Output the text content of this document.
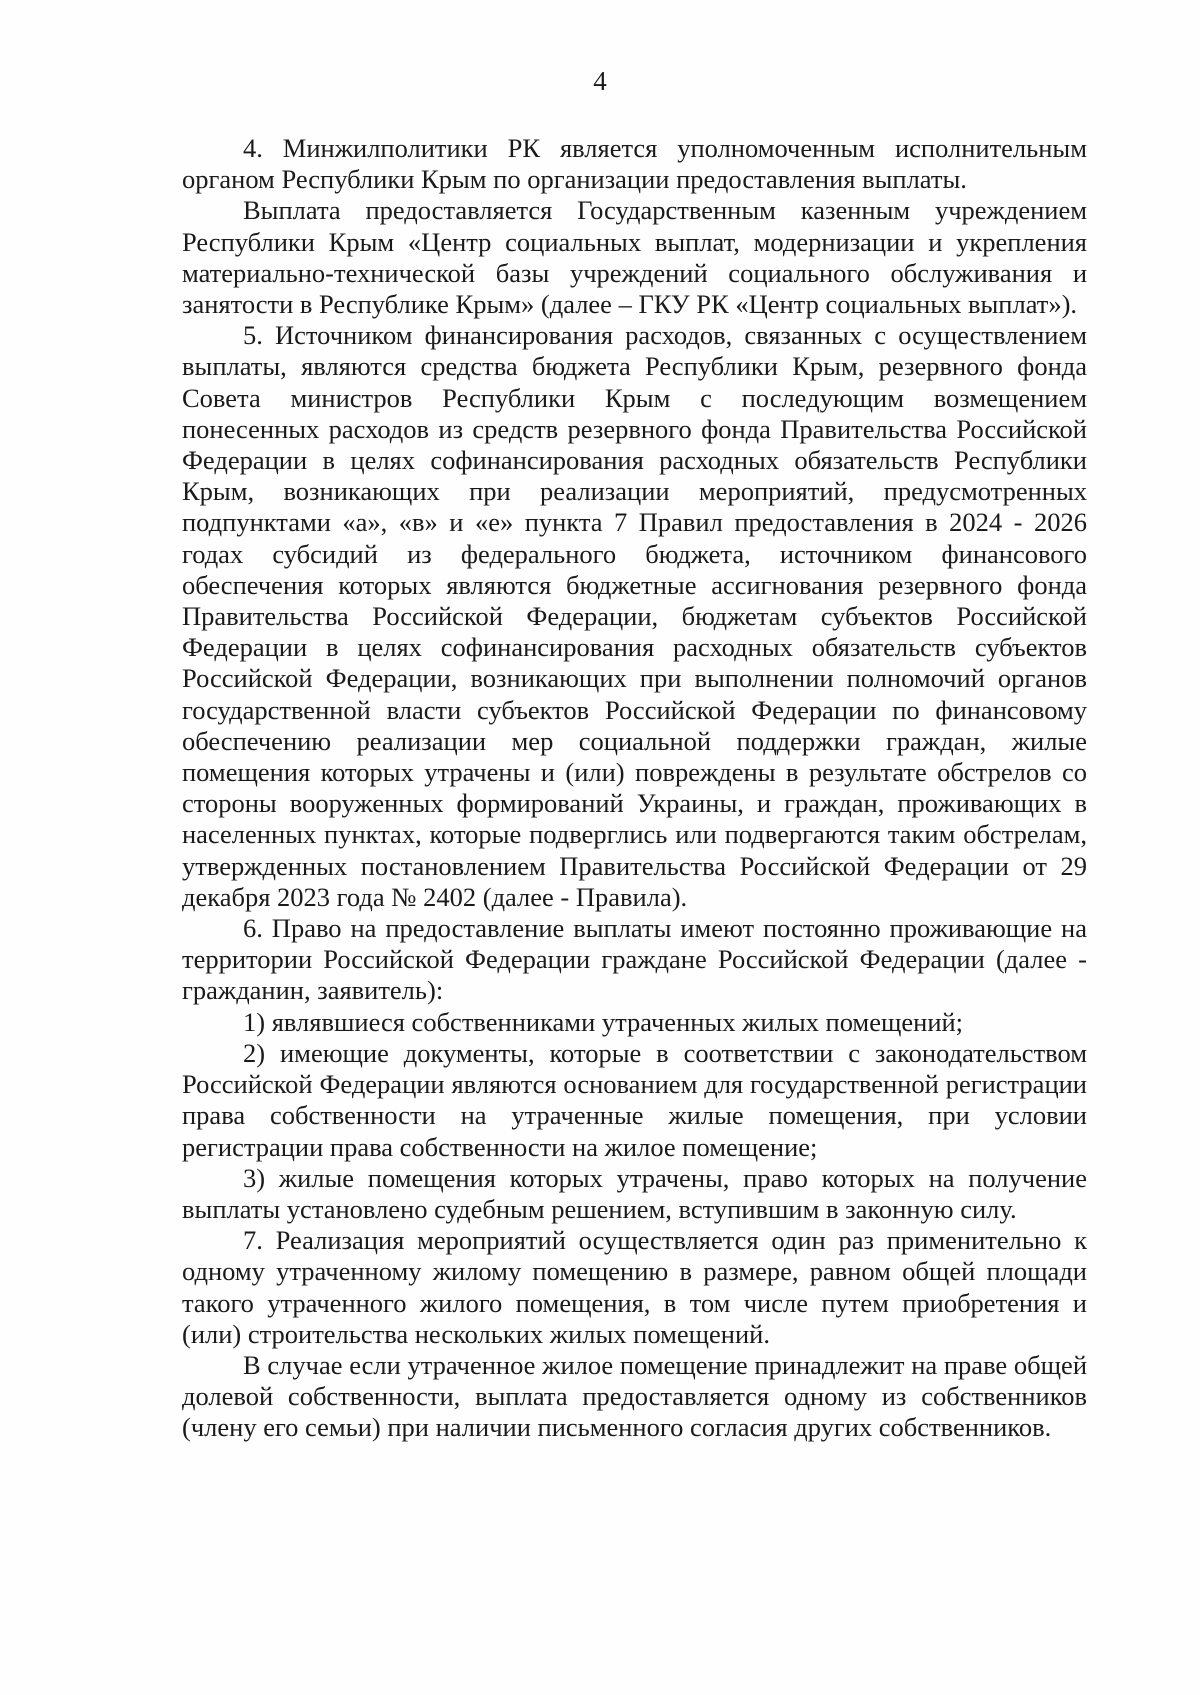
4

4. Минжилполитики РК является уполномоченным исполнительным органом Республики Крым по организации предоставления выплаты.

Выплата предоставляется Государственным казенным учреждением Республики Крым «Центр социальных выплат, модернизации и укрепления материально-технической базы учреждений социального обслуживания и занятости в Республике Крым» (далее – ГКУ РК «Центр социальных выплат»).

5. Источником финансирования расходов, связанных с осуществлением выплаты, являются средства бюджета Республики Крым, резервного фонда Совета министров Республики Крым с последующим возмещением понесенных расходов из средств резервного фонда Правительства Российской Федерации в целях софинансирования расходных обязательств Республики Крым, возникающих при реализации мероприятий, предусмотренных подпунктами «а», «в» и «е» пункта 7 Правил предоставления в 2024 - 2026 годах субсидий из федерального бюджета, источником финансового обеспечения которых являются бюджетные ассигнования резервного фонда Правительства Российской Федерации, бюджетам субъектов Российской Федерации в целях софинансирования расходных обязательств субъектов Российской Федерации, возникающих при выполнении полномочий органов государственной власти субъектов Российской Федерации по финансовому обеспечению реализации мер социальной поддержки граждан, жилые помещения которых утрачены и (или) повреждены в результате обстрелов со стороны вооруженных формирований Украины, и граждан, проживающих в населенных пунктах, которые подверглись или подвергаются таким обстрелам, утвержденных постановлением Правительства Российской Федерации от 29 декабря 2023 года № 2402 (далее - Правила).

6. Право на предоставление выплаты имеют постоянно проживающие на территории Российской Федерации граждане Российской Федерации (далее - гражданин, заявитель):

1) являвшиеся собственниками утраченных жилых помещений;

2) имеющие документы, которые в соответствии с законодательством Российской Федерации являются основанием для государственной регистрации права собственности на утраченные жилые помещения, при условии регистрации права собственности на жилое помещение;

3) жилые помещения которых утрачены, право которых на получение выплаты установлено судебным решением, вступившим в законную силу.

7. Реализация мероприятий осуществляется один раз применительно к одному утраченному жилому помещению в размере, равном общей площади такого утраченного жилого помещения, в том числе путем приобретения и (или) строительства нескольких жилых помещений.

В случае если утраченное жилое помещение принадлежит на праве общей долевой собственности, выплата предоставляется одному из собственников (члену его семьи) при наличии письменного согласия других собственников.
